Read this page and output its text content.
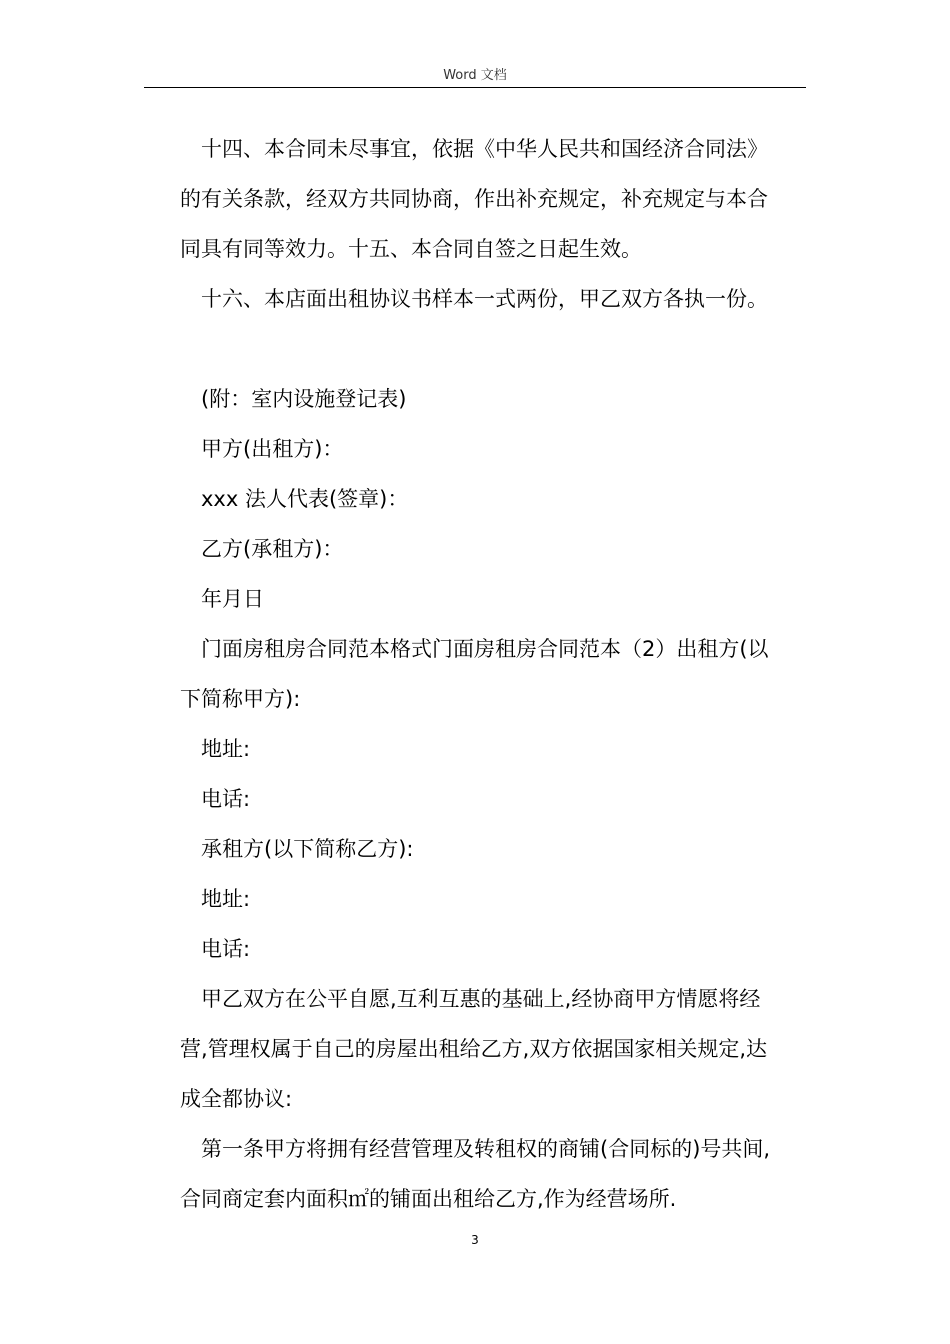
Word 文档

十四、本合同未尽事宜，依据《中华人民共和国经济合同法》
的有关条款，经双方共同协商，作出补充规定，补充规定与本合
同具有同等效力。十五、本合同自签之日起生效。

十六、本店面出租协议书样本一式两份，甲乙双方各执一份。

(附：室内设施登记表)

甲方(出租方)：

xxx 法人代表(签章)：

乙方(承租方)：

年月日

门面房租房合同范本格式门面房租房合同范本（2）出租方(以
下简称甲方):

地址:

电话:

承租方(以下简称乙方):

地址:

电话:

甲乙双方在公平自愿,互利互惠的基础上,经协商甲方情愿将经
营,管理权属于自己的房屋出租给乙方,双方依据国家相关规定,达
成全都协议:

第一条甲方将拥有经营管理及转租权的商铺(合同标的)号共间,
合同商定套内面积㎡的铺面出租给乙方,作为经营场所.

3
